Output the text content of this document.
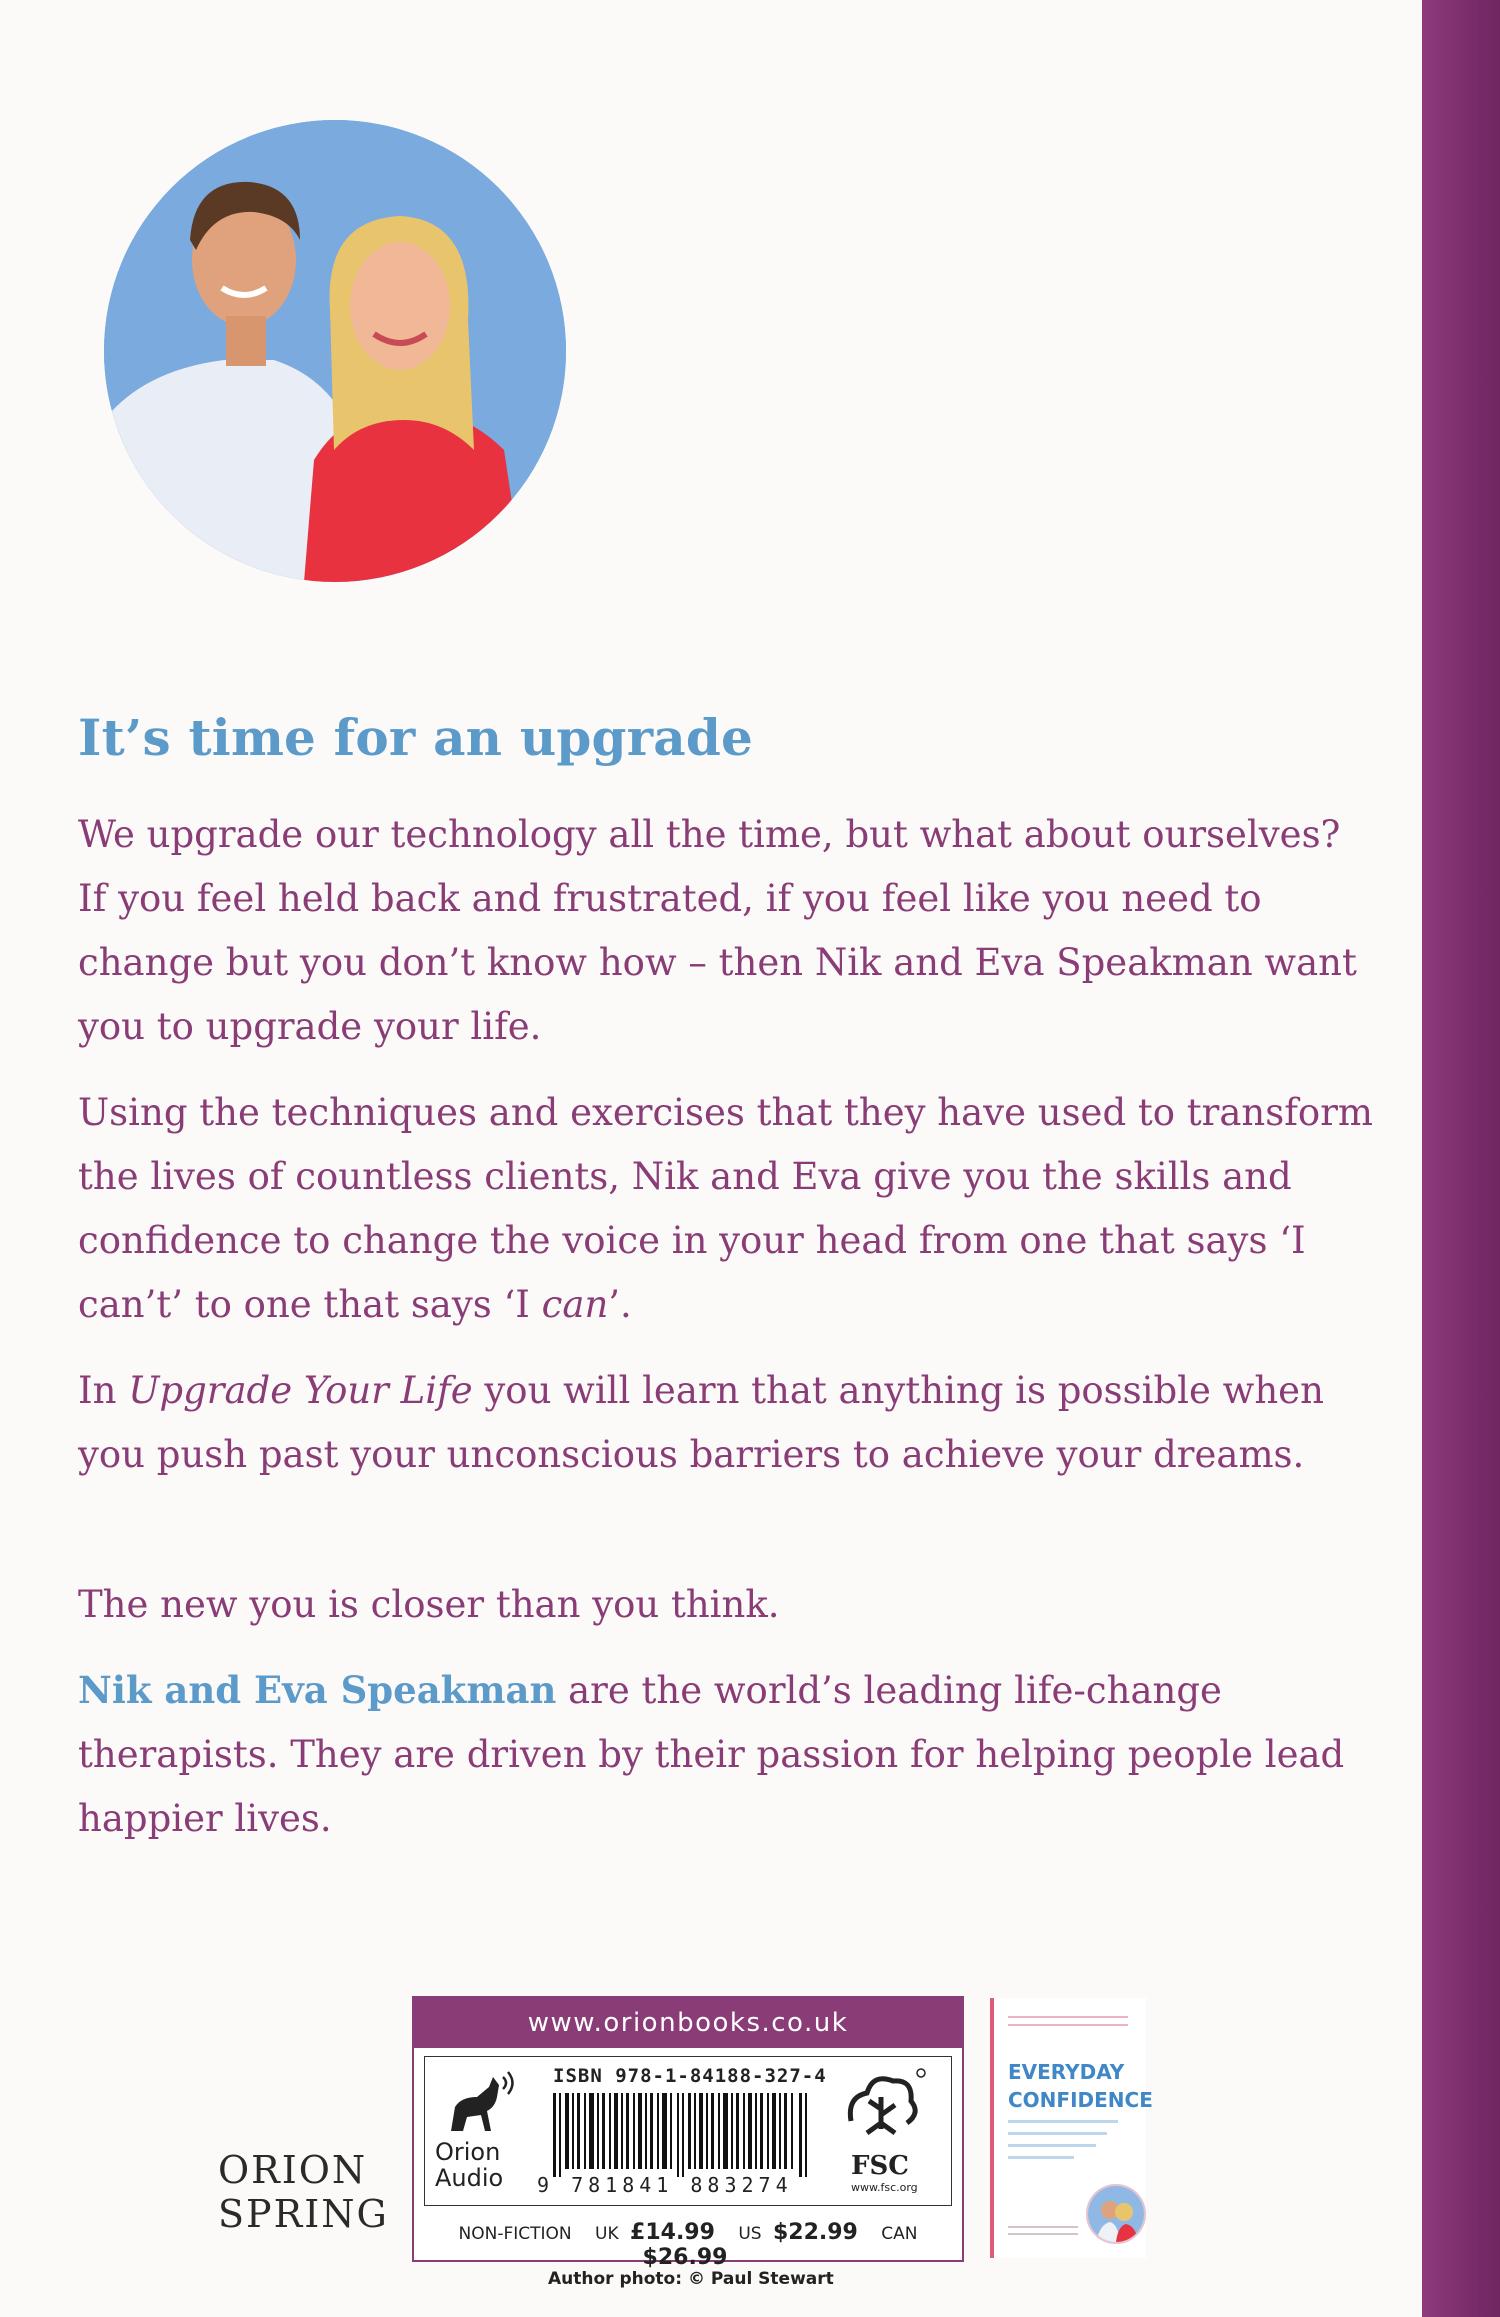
It’s time for an upgrade

We upgrade our technology all the time, but what about ourselves? If you feel held back and frustrated, if you feel like you need to change but you don’t know how – then Nik and Eva Speakman want you to upgrade your life.

Using the techniques and exercises that they have used to transform the lives of countless clients, Nik and Eva give you the skills and confidence to change the voice in your head from one that says ‘I can’t’ to one that says ‘I can’.

In Upgrade Your Life you will learn that anything is possible when you push past your unconscious barriers to achieve your dreams.

The new you is closer than you think.

Nik and Eva Speakman are the world’s leading life-change therapists. They are driven by their passion for helping people lead happier lives.

ORION
SPRING
www.orionbooks.co.uk
Orion
Audio
ISBN 978-1-84188-327-4
9 781841 883274
FSC
www.fsc.org
NON-FICTION UK £14.99 US $22.99 CAN $26.99
Author photo: © Paul Stewart
EVERYDAY
CONFIDENCE
